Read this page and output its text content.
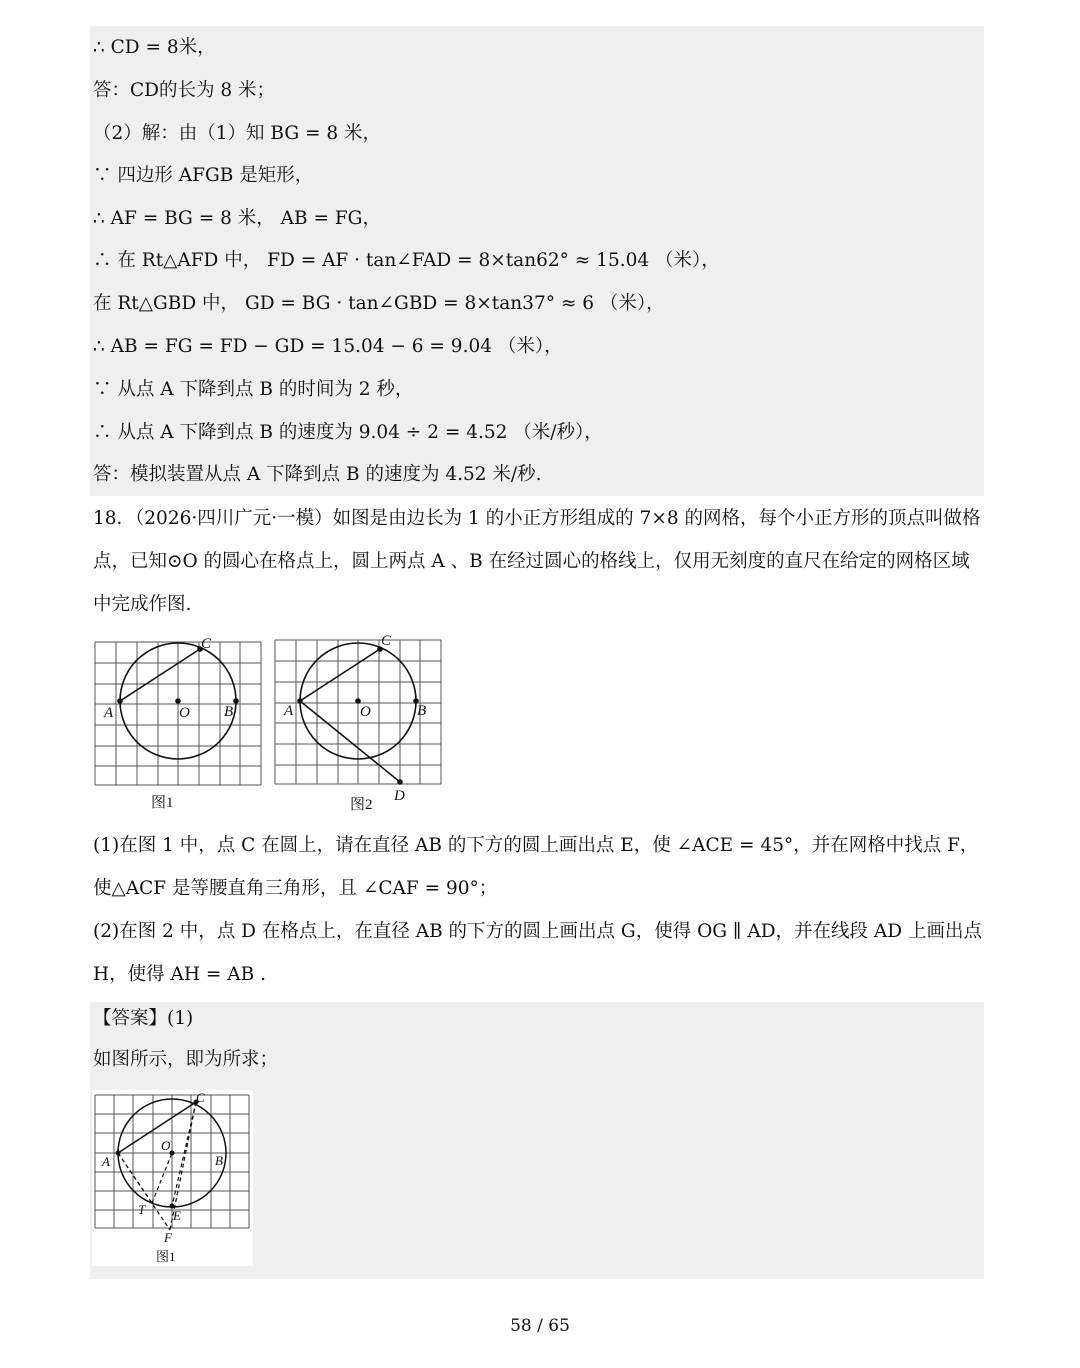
∴ CD = 8米，
答：CD的长为 8 米；
（2）解：由（1）知 BG = 8 米，
∵ 四边形 AFGB 是矩形，
∴ AF = BG = 8 米， AB = FG，
∴ 在 Rt△AFD 中， FD = AF · tan∠FAD = 8×tan62° ≈ 15.04 （米），
在 Rt△GBD 中， GD = BG · tan∠GBD = 8×tan37° ≈ 6 （米），
∴ AB = FG = FD − GD = 15.04 − 6 = 9.04 （米），
∵ 从点 A 下降到点 B 的时间为 2 秒，
∴ 从点 A 下降到点 B 的速度为 9.04 ÷ 2 = 4.52 （米/秒），
答：模拟装置从点 A 下降到点 B 的速度为 4.52 米/秒.
18．（2026·四川广元·一模）如图是由边长为 1 的小正方形组成的 7×8 的网格，每个小正方形的顶点叫做格点，已知⊙O 的圆心在格点上，圆上两点 A 、B 在经过圆心的格线上，仅用无刻度的直尺在给定的网格区域中完成作图.
A	O B
C
图1
A	O	B
C
D
图2
(1)在图 1 中，点 C 在圆上，请在直径 AB 的下方的圆上画出点 E，使 ∠ACE = 45°，并在网格中找点 F，使△ACF 是等腰直角三角形，且 ∠CAF = 90°；
(2)在图 2 中，点 D 在格点上，在直径 AB 的下方的圆上画出点 G，使得 OG ∥ AD，并在线段 AD 上画出点 H，使得 AH = AB .
【答案】(1)
如图所示，即为所求；
A
O
B
C
T E
F
图1
58 / 65
